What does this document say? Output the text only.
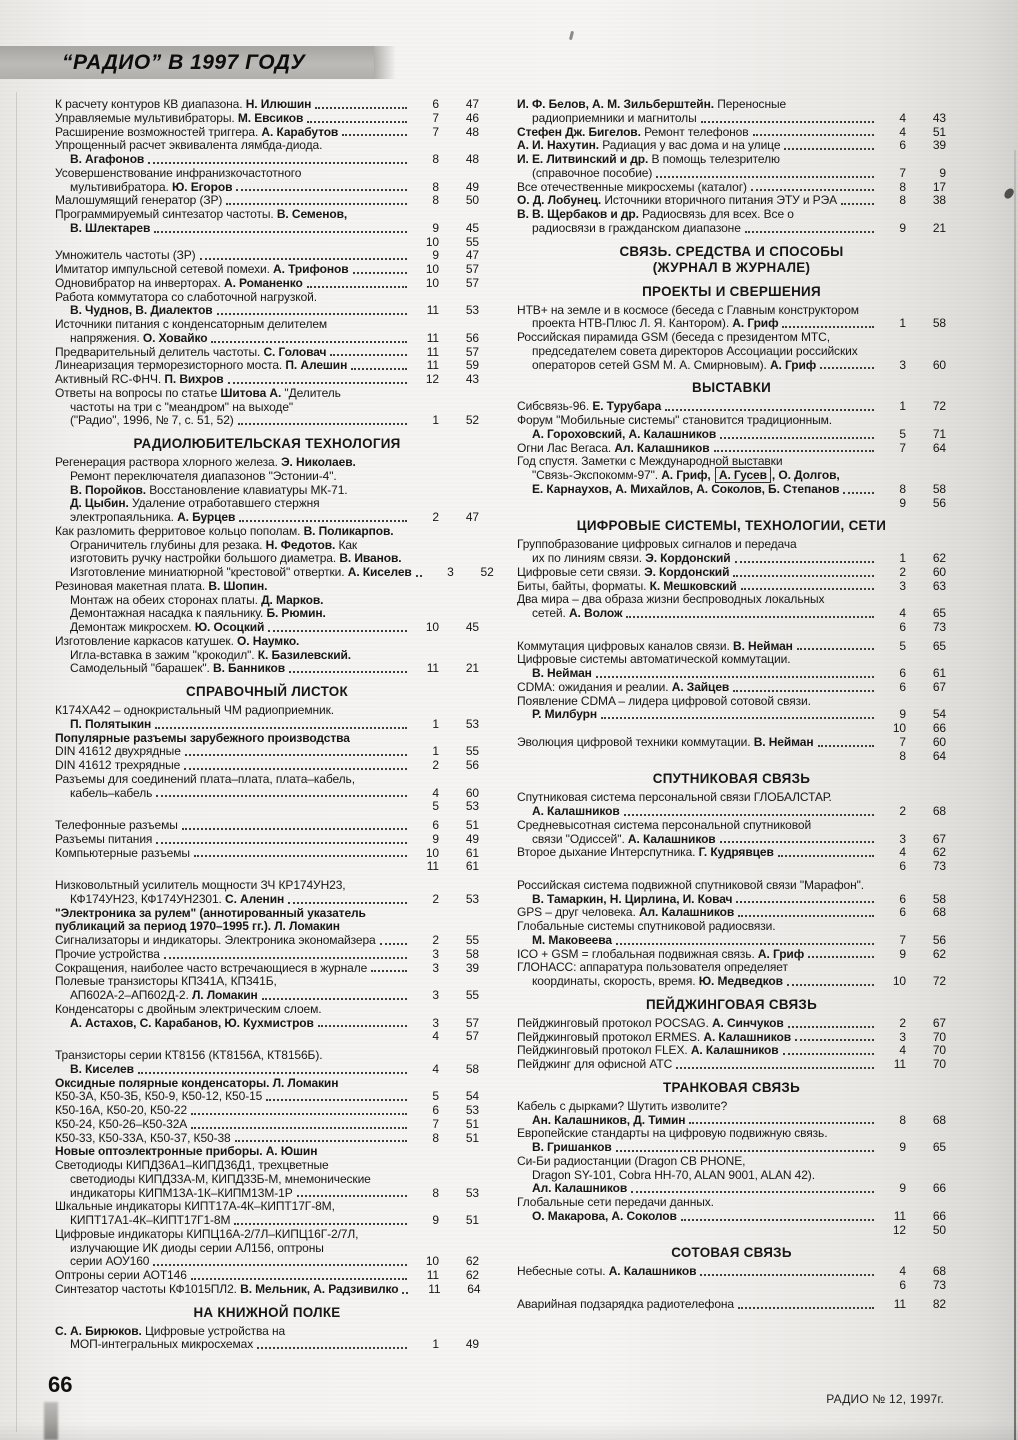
“РАДИО” В 1997 ГОДУ
К расчету контуров КВ диапазона. Н. Илюшин	6	47
Управляемые мультивибраторы. М. Евсиков	7	46
Расширение возможностей триггера. А. Карабутов	7	48
Упрощенный расчет эквивалента лямбда-диода.
В. Агафонов	8	48
Усовершенствование инфранизкочастотного
мультивибратора. Ю. Егоров	8	49
Малошумящий генератор (ЗР)	8	50
Программируемый синтезатор частоты. В. Семенов,
В. Шлектарев	9	45
10	55
Умножитель частоты (ЗР)	9	47
Имитатор импульсной сетевой помехи. А. Трифонов	10	57
Одновибратор на инверторах. А. Романенко	10	57
Работа коммутатора со слаботочной нагрузкой.
В. Чуднов, В. Диалектов	11	53
Источники питания с конденсаторным делителем
напряжения. О. Ховайко	11	56
Предварительный делитель частоты. С. Головач	11	57
Линеаризация терморезисторного моста. П. Алешин	11	59
Активный RC-ФНЧ. П. Вихров	12	43
Ответы на вопросы по статье Шитова А. "Делитель
частоты на три с "меандром" на выходе"
("Радио", 1996, № 7, с. 51, 52)	1	52
РАДИОЛЮБИТЕЛЬСКАЯ ТЕХНОЛОГИЯ
Регенерация раствора хлорного железа. Э. Николаев.
Ремонт переключателя диапазонов "Эстонии-4".
В. Поройков. Восстановление клавиатуры МК-71.
Д. Цыбин. Удаление отработавшего стержня
электропаяльника. А. Бурцев	2	47
Как разломить ферритовое кольцо пополам. В. Поликарпов.
Ограничитель глубины для резака. Н. Федотов. Как
изготовить ручку настройки большого диаметра. В. Иванов.
Изготовление миниатюрной "крестовой" отвертки. А. Киселев	3	52
Резиновая макетная плата. В. Шопин.
Монтаж на обеих сторонах платы. Д. Марков.
Демонтажная насадка к паяльнику. Б. Рюмин.
Демонтаж микросхем. Ю. Осоцкий	10	45
Изготовление каркасов катушек. О. Наумко.
Игла-вставка в зажим "крокодил". К. Базилевский.
Самодельный "барашек". В. Банников	11	21
СПРАВОЧНЫЙ ЛИСТОК
К174ХА42 – однокристальный ЧМ радиоприемник.
П. Полятыкин	1	53
Популярные разъемы зарубежного производства
DIN 41612 двухрядные	1	55
DIN 41612 трехрядные	2	56
Разъемы для соединений плата–плата, плата–кабель,
кабель–кабель	4	60
5	53
Телефонные разъемы	6	51
Разъемы питания	9	49
Компьютерные разъемы	10	61
11	61
Низковольтный усилитель мощности ЗЧ КР174УН23,
КФ174УН23, КФ174УН2301. С. Аленин	2	53
"Электроника за рулем" (аннотированный указатель
публикаций за период 1970–1995 гг.). Л. Ломакин
Сигнализаторы и индикаторы. Электроника экономайзера	2	55
Прочие устройства	3	58
Сокращения, наиболее часто встречающиеся в журнале	3	39
Полевые транзисторы КП341А, КП341Б,
АП602А-2–АП602Д-2. Л. Ломакин	3	55
Конденсаторы с двойным электрическим слоем.
А. Астахов, С. Карабанов, Ю. Кухмистров	3	57
4	57
Транзисторы серии КТ8156 (КТ8156А, КТ8156Б).
В. Киселев	4	58
Оксидные полярные конденсаторы. Л. Ломакин
К50-3А, К50-3Б, К50-9, К50-12, К50-15	5	54
К50-16А, К50-20, К50-22	6	53
К50-24, К50-26–К50-32А	7	51
К50-33, К50-33А, К50-37, К50-38	8	51
Новые оптоэлектронные приборы. А. Юшин
Светодиоды КИПД36А1–КИПД36Д1, трехцветные
светодиоды КИПД33А-М, КИПД33Б-М, мнемонические
индикаторы КИПМ13А-1К–КИПМ13М-1Р	8	53
Шкальные индикаторы КИПТ17А-4К–КИПТ17Г-8М,
КИПТ17А1-4К–КИПТ17Г1-8М	9	51
Цифровые индикаторы КИПЦ16А-2/7Л–КИПЦ16Г-2/7Л,
излучающие ИК диоды серии АЛ156, оптроны
серии АОУ160	10	62
Оптроны серии АОТ146	11	62
Синтезатор частоты КФ1015ПЛ2. В. Мельник, А. Радзивилко	11	64
НА КНИЖНОЙ ПОЛКЕ
С. А. Бирюков. Цифровые устройства на
МОП-интегральных микросхемах	1	49
И. Ф. Белов, А. М. Зильберштейн. Переносные
радиоприемники и магнитолы	4	43
Стефен Дж. Бигелов. Ремонт телефонов	4	51
А. И. Нахутин. Радиация у вас дома и на улице	6	39
И. Е. Литвинский и др. В помощь телезрителю
(справочное пособие)	7	9
Все отечественные микросхемы (каталог)	8	17
О. Д. Лобунец. Источники вторичного питания ЭТУ и РЭА	8	38
В. В. Щербаков и др. Радиосвязь для всех. Все о
радиосвязи в гражданском диапазоне	9	21
СВЯЗЬ. СРЕДСТВА И СПОСОБЫ
(ЖУРНАЛ В ЖУРНАЛЕ)
ПРОЕКТЫ И СВЕРШЕНИЯ
НТВ+ на земле и в космосе (беседа с Главным конструктором
проекта НТВ-Плюс Л. Я. Кантором). А. Гриф	1	58
Российская пирамида GSM (беседа с президентом МТС,
председателем совета директоров Ассоциации российских
операторов сетей GSM М. А. Смирновым). А. Гриф	3	60
ВЫСТАВКИ
Сибсвязь-96. Е. Турубара	1	72
Форум "Мобильные системы" становится традиционным.
А. Гороховский, А. Калашников	5	71
Огни Лас Вегаса. Ал. Калашников	7	64
Год спустя. Заметки с Международной выставки
"Связь-Экспокомм-97". А. Гриф, А. Гусев , О. Долгов,
Е. Карнаухов, А. Михайлов, А. Соколов, Б. Степанов	8	58
9	56
ЦИФРОВЫЕ СИСТЕМЫ, ТЕХНОЛОГИИ, СЕТИ
Группобразование цифровых сигналов и передача
их по линиям связи. Э. Кордонский	1	62
Цифровые сети связи. Э. Кордонский	2	60
Биты, байты, форматы. К. Мешковский	3	63
Два мира – два образа жизни беспроводных локальных
сетей. А. Волож	4	65
6	73
Коммутация цифровых каналов связи. В. Нейман	5	65
Цифровые системы автоматической коммутации.
В. Нейман	6	61
CDMA: ожидания и реалии. А. Зайцев	6	67
Появление CDMA – лидера цифровой сотовой связи.
Р. Милбурн	9	54
10	66
Эволюция цифровой техники коммутации. В. Нейман	7	60
8	64
СПУТНИКОВАЯ СВЯЗЬ
Спутниковая система персональной связи ГЛОБАЛСТАР.
А. Калашников	2	68
Средневысотная система персональной спутниковой
связи "Одиссей". А. Калашников	3	67
Второе дыхание Интерспутника. Г. Кудрявцев	4	62
6	73
Российская система подвижной спутниковой связи "Марафон".
В. Тамаркин, Н. Цирлина, И. Ковач	6	58
GPS – друг человека. Ал. Калашников	6	68
Глобальные системы спутниковой радиосвязи.
М. Маковеева	7	56
ICO + GSM = глобальная подвижная связь. А. Гриф	9	62
ГЛОНАСС: аппаратура пользователя определяет
координаты, скорость, время. Ю. Медведков	10	72
ПЕЙДЖИНГОВАЯ СВЯЗЬ
Пейджинговый протокол POCSAG. А. Синчуков	2	67
Пейджинговый протокол ERMES. А. Калашников	3	70
Пейджинговый протокол FLEX. А. Калашников	4	70
Пейджинг для офисной АТС	11	70
ТРАНКОВАЯ СВЯЗЬ
Кабель с дырками? Шутить изволите?
Ан. Калашников, Д. Тимин	8	68
Европейские стандарты на цифровую подвижную связь.
В. Гришанков	9	65
Си-Би радиостанции (Dragon CB PHONE,
Dragon SY-101, Cobra HH-70, ALAN 9001, ALAN 42).
Ал. Калашников	9	66
Глобальные сети передачи данных.
О. Макарова, А. Соколов	11	66
12	50
СОТОВАЯ СВЯЗЬ
Небесные соты. А. Калашников	4	68
6	73
Аварийная подзарядка радиотелефона	11	82
66
РАДИО № 12, 1997г.
